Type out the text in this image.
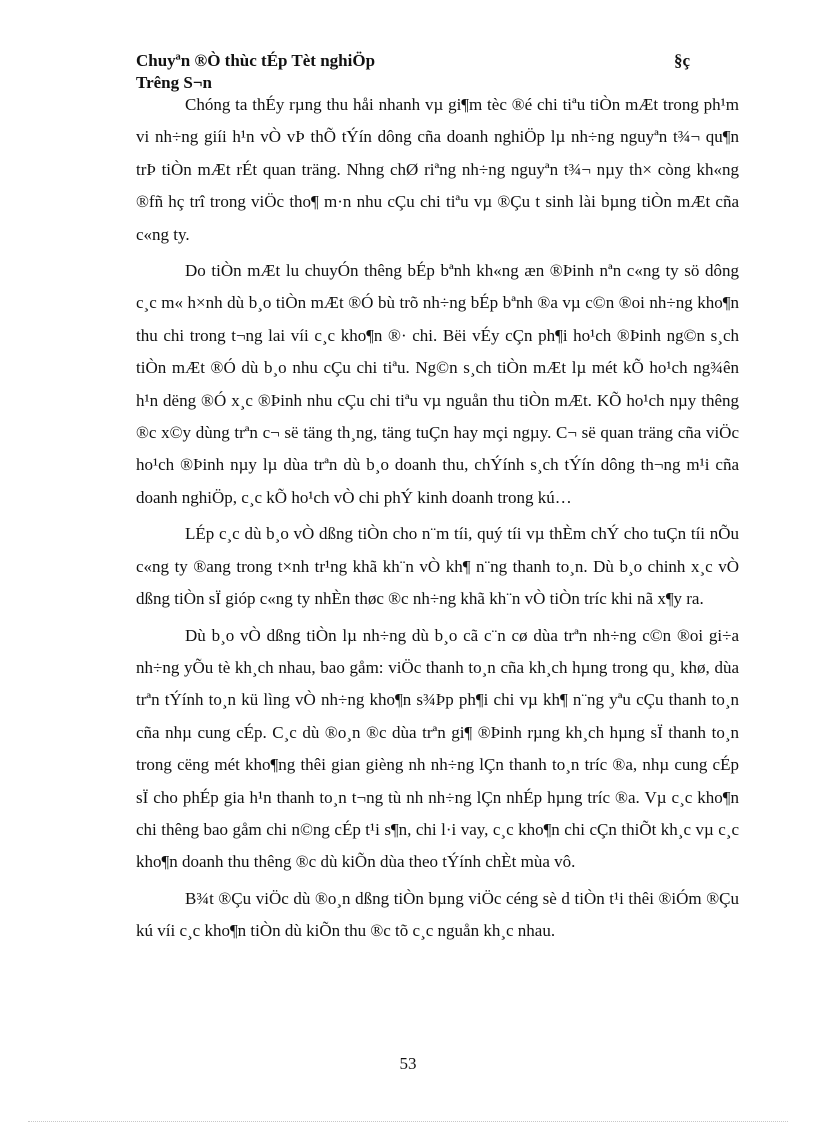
Chuyªn ®Ò thùc tÉp Tèt nghiÖp	§ç
Trêng S¬n

Chóng ta thÉy rµng thu håi nhanh vµ gi¶m tèc ®é chi tiªu tiÒn mÆt trong ph¹m vi nh÷ng giíi h¹n vÒ vÞ thÕ tÝín dông cña doanh nghiÖp lµ nh÷ng nguyªn t¾¬ qu¶n trÞ tiÒn mÆt rÉt quan träng. Nhng chØ riªng nh÷ng nguyªn t¾¬ nµy th× còng kh«ng ®fñ hç trî trong viÖc tho¶ m·n nhu cÇu chi tiªu vµ ®Çu t sinh lài bµng tiÒn mÆt cña c«ng ty.

Do tiÒn mÆt lu chuyÓn thêng bÉp bªnh kh«ng æn ®Þinh nªn c«ng ty sö dông c¸c m« h×nh dù b¸o tiÒn mÆt ®Ó bù trõ nh÷ng bÉp bªnh ®a vµ c©n ®oi nh÷ng kho¶n thu chi trong t¬ng lai víi c¸c kho¶n ®· chi. Bëi vÉy cÇn ph¶i ho¹ch ®Þinh ng©n s¸ch tiÒn mÆt ®Ó dù b¸o nhu cÇu chi tiªu. Ng©n s¸ch tiÒn mÆt lµ mét kÕ ho¹ch ng¾ên h¹n dëng ®Ó x¸c ®Þinh nhu cÇu chi tiªu vµ nguån thu tiÒn mÆt. KÕ ho¹ch nµy thêng ®c x©y dùng trªn c¬ së täng th¸ng, täng tuÇn hay mçi ngµy. C¬ së quan träng cña viÖc ho¹ch ®Þinh nµy lµ dùa trªn dù b¸o doanh thu, chÝính s¸ch tÝín dông th¬ng m¹i cña doanh nghiÖp, c¸c kÕ ho¹ch vÒ chi phÝ kinh doanh trong kú…

LÉp c¸c dù b¸o vÒ dßng tiÒn cho n¨m tíi, quý tíi vµ thÈm chÝ cho tuÇn tíi nÕu c«ng ty ®ang trong t×nh tr¹ng khã kh¨n vÒ kh¶ n¨ng thanh to¸n. Dù b¸o chinh x¸c vÒ dßng tiÒn sÏ gióp c«ng ty nhÈn thøc ®c nh÷ng khã kh¨n vÒ tiÒn tríc khi nã x¶y ra.

Dù b¸o vÒ dßng tiÒn lµ nh÷ng dù b¸o cã c¨n cø dùa trªn nh÷ng c©n ®oi gi÷a nh÷ng yÕu tè kh¸ch nhau, bao gåm: viÖc thanh to¸n cña kh¸ch hµng trong qu¸ khø, dùa trªn tÝính to¸n kü lìng vÒ nh÷ng kho¶n s¾Þp ph¶i chi vµ kh¶ n¨ng yªu cÇu thanh to¸n cña nhµ cung cÉp. C¸c dù ®o¸n ®c dùa trªn gi¶ ®Þinh rµng kh¸ch hµng sÏ thanh to¸n trong cëng mét kho¶ng thêi gian gièng nh nh÷ng lÇn thanh to¸n tríc ®a, nhµ cung cÉp sÏ cho phÉp gia h¹n thanh to¸n t¬ng tù nh nh÷ng lÇn nhÉp hµng tríc ®a. Vµ c¸c kho¶n chi thêng bao gåm chi n©ng cÉp t¹i s¶n, chi l·i vay, c¸c kho¶n chi cÇn thiÕt kh¸c vµ c¸c kho¶n doanh thu thêng ®c dù kiÕn dùa theo tÝính chÈt mùa vô.

B¾t ®Çu viÖc dù ®o¸n dßng tiÒn bµng viÖc céng sè d tiÒn t¹i thêi ®iÓm ®Çu kú víi c¸c kho¶n tiÒn dù kiÕn thu ®c tõ c¸c nguån kh¸c nhau.

53
